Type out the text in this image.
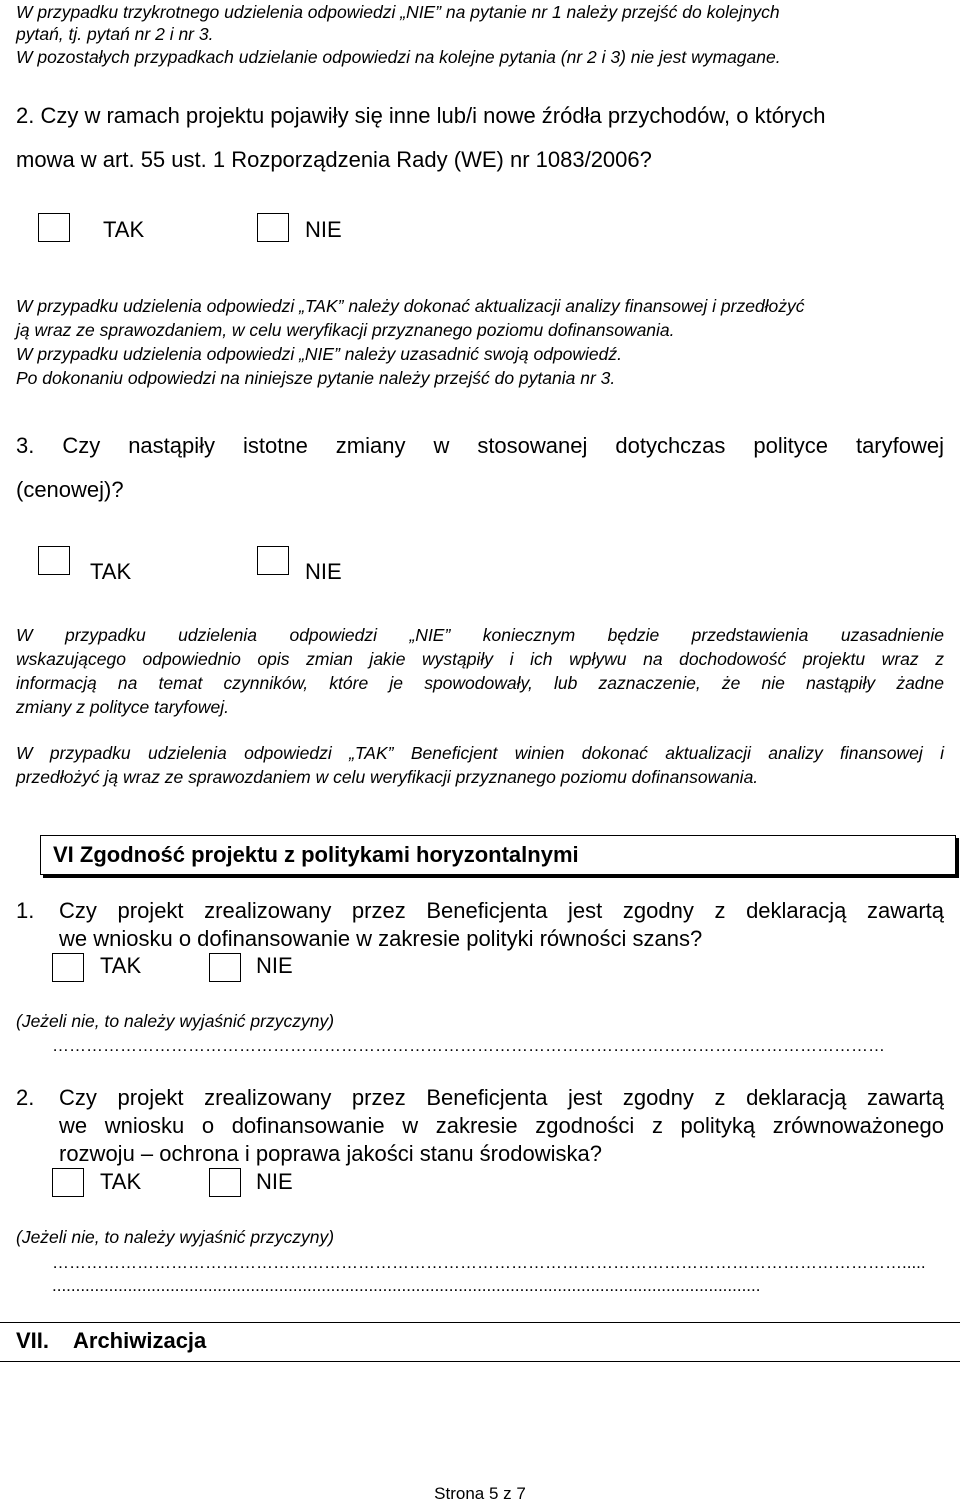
W przypadku trzykrotnego udzielenia odpowiedzi „NIE” na pytanie nr 1 należy przejść do kolejnych
pytań, tj. pytań nr 2 i nr 3.
W pozostałych przypadkach udzielanie odpowiedzi na kolejne pytania (nr 2 i 3) nie jest wymagane.
2. Czy w ramach projektu pojawiły się inne lub/i nowe źródła przychodów, o których
mowa w art. 55 ust. 1 Rozporządzenia Rady (WE) nr 1083/2006?
TAK	NIE
W przypadku udzielenia odpowiedzi „TAK” należy dokonać aktualizacji analizy finansowej i przedłożyć
ją wraz ze sprawozdaniem, w celu weryfikacji przyznanego poziomu dofinansowania.
W przypadku udzielenia odpowiedzi „NIE” należy uzasadnić swoją odpowiedź.
Po dokonaniu odpowiedzi na niniejsze pytanie należy przejść do pytania nr 3.
3. Czy nastąpiły istotne zmiany w stosowanej dotychczas polityce taryfowej
(cenowej)?
TAK	NIE
W przypadku udzielenia odpowiedzi „NIE” koniecznym będzie przedstawienia uzasadnienie
wskazującego odpowiednio opis zmian jakie wystąpiły i ich wpływu na dochodowość projektu wraz z
informacją na temat czynników, które je spowodowały, lub zaznaczenie, że nie nastąpiły żadne
zmiany z polityce taryfowej.
W przypadku udzielenia odpowiedzi „TAK” Beneficjent winien dokonać aktualizacji analizy finansowej i
przedłożyć ją wraz ze sprawozdaniem w celu weryfikacji przyznanego poziomu dofinansowania.
VI Zgodność projektu z politykami horyzontalnymi
1. Czy projekt zrealizowany przez Beneficjenta jest zgodny z deklaracją zawartą
we wniosku o dofinansowanie w zakresie polityki równości szans?
TAK	NIE
(Jeżeli nie, to należy wyjaśnić przyczyny)
…………………………………………………………………………………………………………………………………
2. Czy projekt zrealizowany przez Beneficjenta jest zgodny z deklaracją zawartą
we wniosku o dofinansowanie w zakresie zgodności z polityką zrównoważonego
rozwoju – ochrona i poprawa jakości stanu środowiska?
TAK	NIE
(Jeżeli nie, to należy wyjaśnić przyczyny)
…………………………………………………………………………………………………………………………………….....
......................................................................................................................................................
VII. Archiwizacja
Strona 5 z 7
